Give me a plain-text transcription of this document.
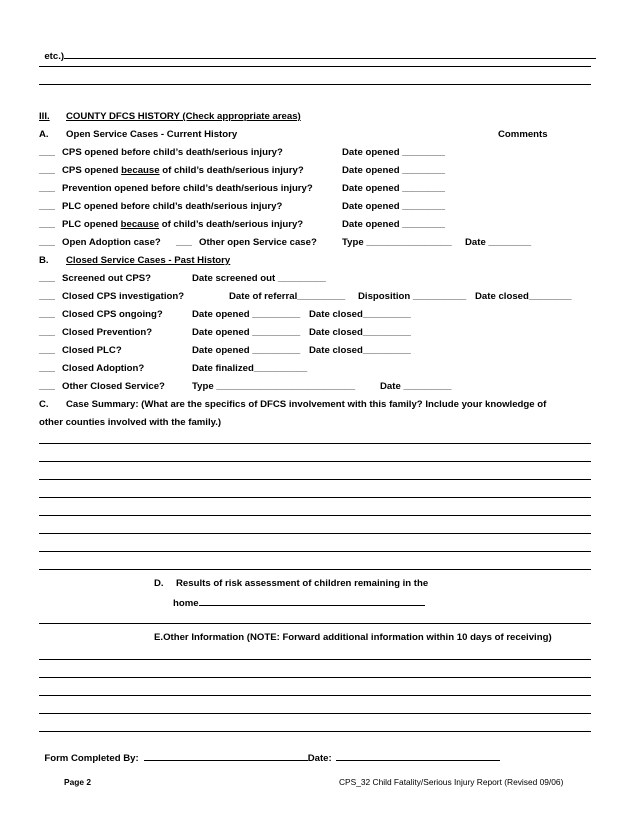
etc.)

III. COUNTY DFCS HISTORY (Check appropriate areas)
A. Open Service Cases - Current History	Comments
___ CPS opened before child’s death/serious injury?	Date opened ________
___ CPS opened because of child’s death/serious injury?	Date opened ________
___ Prevention opened before child’s death/serious injury?	Date opened ________
___ PLC opened before child’s death/serious injury?	Date opened ________
___ PLC opened because of child’s death/serious injury?	Date opened ________
___ Open Adoption case? ___ Other open Service case?	Type ________________ Date ________
B. Closed Service Cases - Past History
___ Screened out CPS?	Date screened out _________
___ Closed CPS investigation?	Date of referral_________ Disposition __________ Date closed________
___ Closed CPS ongoing?	Date opened _________ Date closed_________
___ Closed Prevention?	Date opened _________ Date closed_________
___ Closed PLC?	Date opened _________ Date closed_________
___ Closed Adoption?	Date finalized__________
___ Other Closed Service?	Type __________________________	Date _________
C. Case Summary: (What are the specifics of DFCS involvement with this family? Include your knowledge of
other counties involved with the family.)
D. Results of risk assessment of children remaining in the
home
E.Other Information (NOTE: Forward additional information within 10 days of receiving)

Form Completed By:	Date:

Page 2	CPS_32 Child Fatality/Serious Injury Report (Revised 09/06)
